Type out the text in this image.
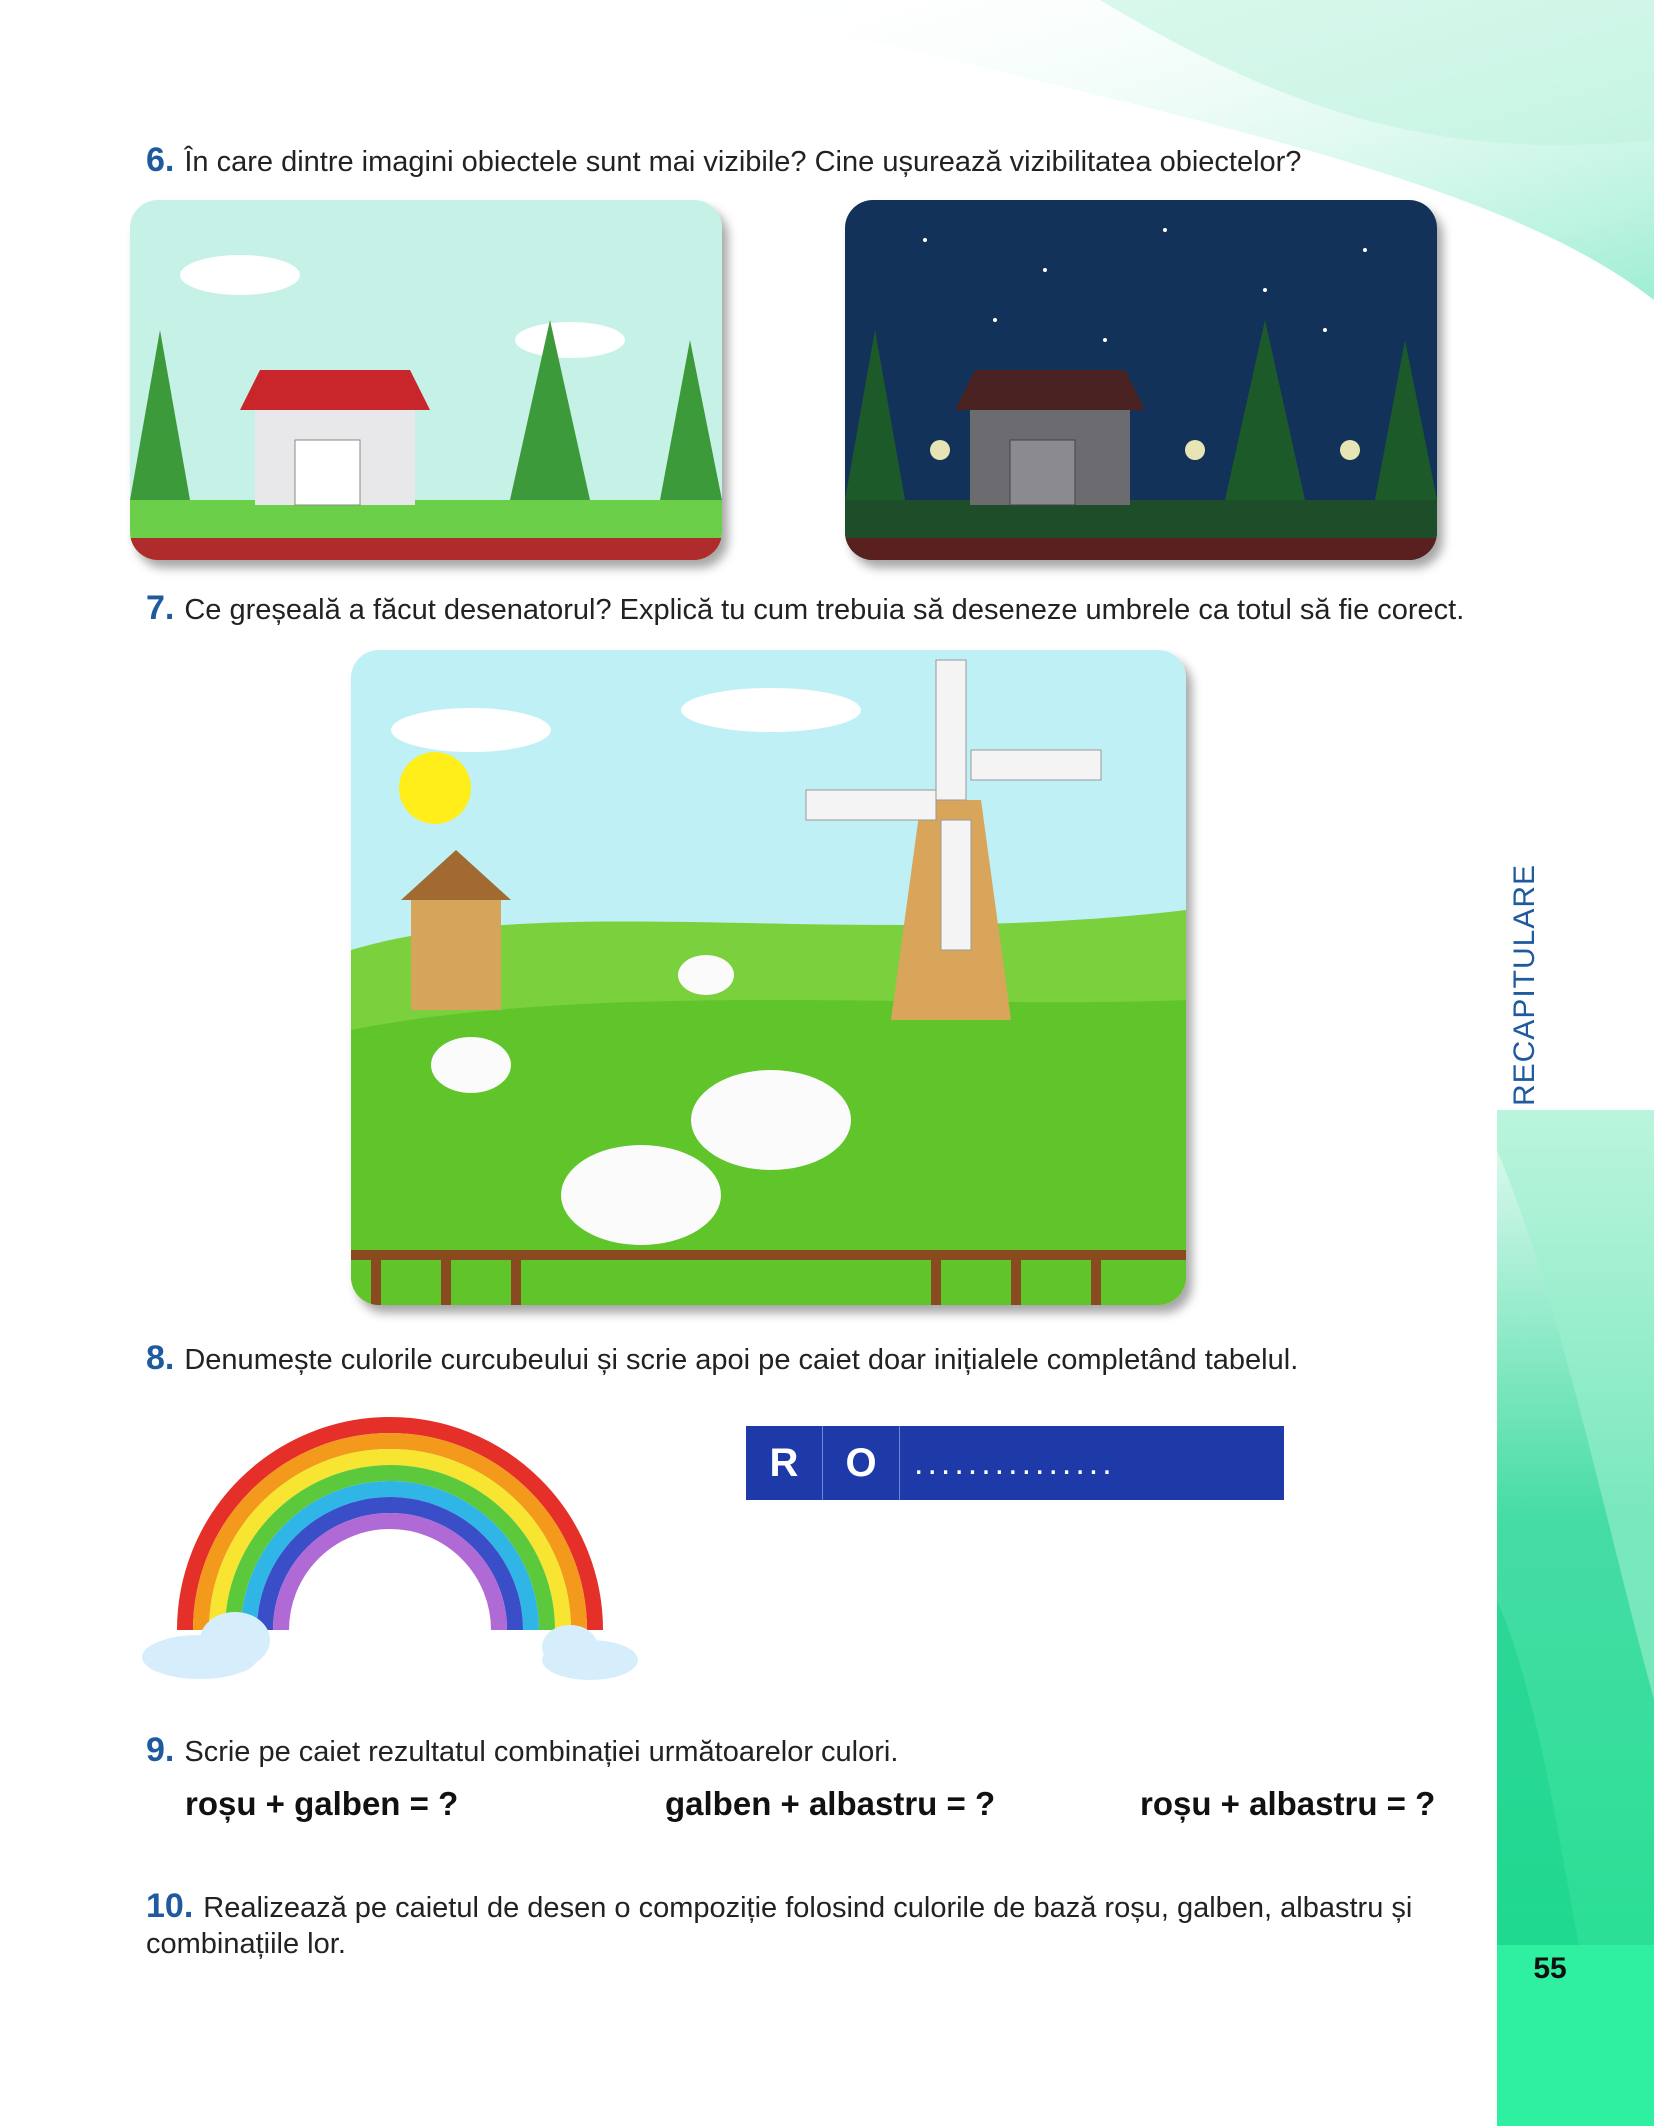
6. În care dintre imagini obiectele sunt mai vizibile? Cine ușurează vizibilitatea obiectelor?
7. Ce greșeală a făcut desenatorul? Explică tu cum trebuia să deseneze umbrele ca totul să fie corect.
8. Denumește culorile curcubeului și scrie apoi pe caiet doar inițialele completând tabelul.
R	O	...............
9. Scrie pe caiet rezultatul combinației următoarelor culori.
roșu + galben = ?	galben + albastru = ?	roșu + albastru = ?
10. Realizează pe caietul de desen o compoziție folosind culorile de bază roșu, galben, albastru și combinațiile lor.
RECAPITULARE
55
